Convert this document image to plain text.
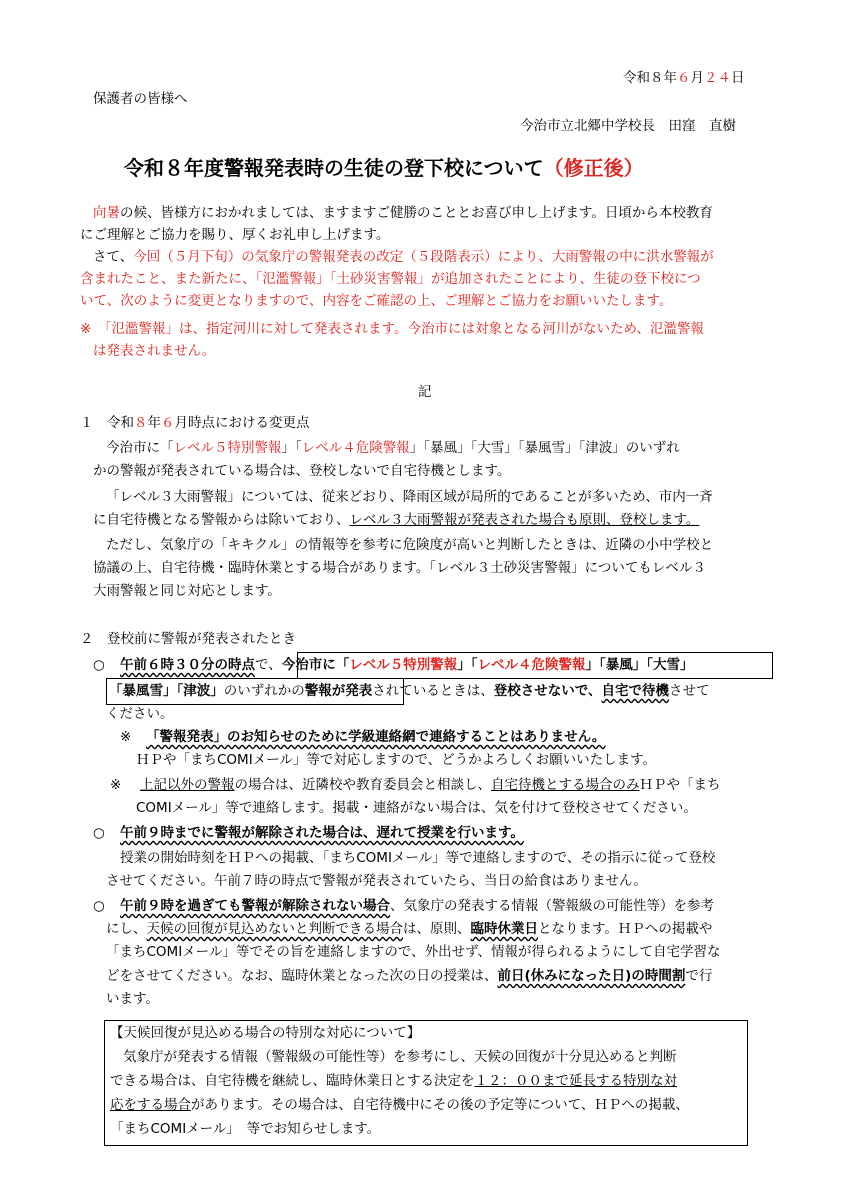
令和８年６月２４日
保護者の皆様へ
今治市立北郷中学校長　田窪　直樹
令和８年度警報発表時の生徒の登下校について（修正後）
向暑の候、皆様方におかれましては、ますますご健勝のこととお喜び申し上げます。日頃から本校教育
にご理解とご協力を賜り、厚くお礼申し上げます。
さて、今回（５月下旬）の気象庁の警報発表の改定（５段階表示）により、大雨警報の中に洪水警報が
含まれたこと、また新たに、「氾濫警報」「土砂災害警報」が追加されたことにより、生徒の登下校につ
いて、次のように変更となりますので、内容をご確認の上、ご理解とご協力をお願いいたします。
※　「氾濫警報」は、指定河川に対して発表されます。今治市には対象となる河川がないため、氾濫警報
は発表されません。
記
１　令和８年６月時点における変更点
今治市に「レベル５特別警報」「レベル４危険警報」「暴風」「大雪」「暴風雪」「津波」のいずれ
かの警報が発表されている場合は、登校しないで自宅待機とします。
「レベル３大雨警報」については、従来どおり、降雨区域が局所的であることが多いため、市内一斉
に自宅待機となる警報からは除いており、レベル３大雨警報が発表された場合も原則、登校します。
ただし、気象庁の「キキクル」の情報等を参考に危険度が高いと判断したときは、近隣の小中学校と
協議の上、自宅待機・臨時休業とする場合があります。「レベル３土砂災害警報」についてもレベル３
大雨警報と同じ対応とします。
２　登校前に警報が発表されたとき
○ 午前６時３０分の時点で、今治市に「レベル５特別警報」「レベル４危険警報」「暴風」「大雪」
「暴風雪」「津波」のいずれかの警報が発表されているときは、登校させないで、自宅で待機させて
ください。
※ 「警報発表」のお知らせのために学級連絡網で連絡することはありません。
ＨＰや「まちCOMIメール」等で対応しますので、どうかよろしくお願いいたします。
※ 上記以外の警報の場合は、近隣校や教育委員会と相談し、自宅待機とする場合のみＨＰや「まち
COMIメール」等で連絡します。掲載・連絡がない場合は、気を付けて登校させてください。
○ 午前９時までに警報が解除された場合は、遅れて授業を行います。
授業の開始時刻をＨＰへの掲載、「まちCOMIメール」等で連絡しますので、その指示に従って登校
させてください。午前７時の時点で警報が発表されていたら、当日の給食はありません。
○ 午前９時を過ぎても警報が解除されない場合、気象庁の発表する情報（警報級の可能性等）を参考
にし、天候の回復が見込めないと判断できる場合は、原則、臨時休業日となります。ＨＰへの掲載や
「まちCOMIメール」等でその旨を連絡しますので、外出せず、情報が得られるようにして自宅学習な
どをさせてください。なお、臨時休業となった次の日の授業は、前日(休みになった日)の時間割で行
います。
【天候回復が見込める場合の特別な対応について】
気象庁が発表する情報（警報級の可能性等）を参考にし、天候の回復が十分見込めると判断
できる場合は、自宅待機を継続し、臨時休業日とする決定を１２：００まで延長する特別な対
応をする場合があります。その場合は、自宅待機中にその後の予定等について、ＨＰへの掲載、
「まちCOMIメール」　等でお知らせします。
